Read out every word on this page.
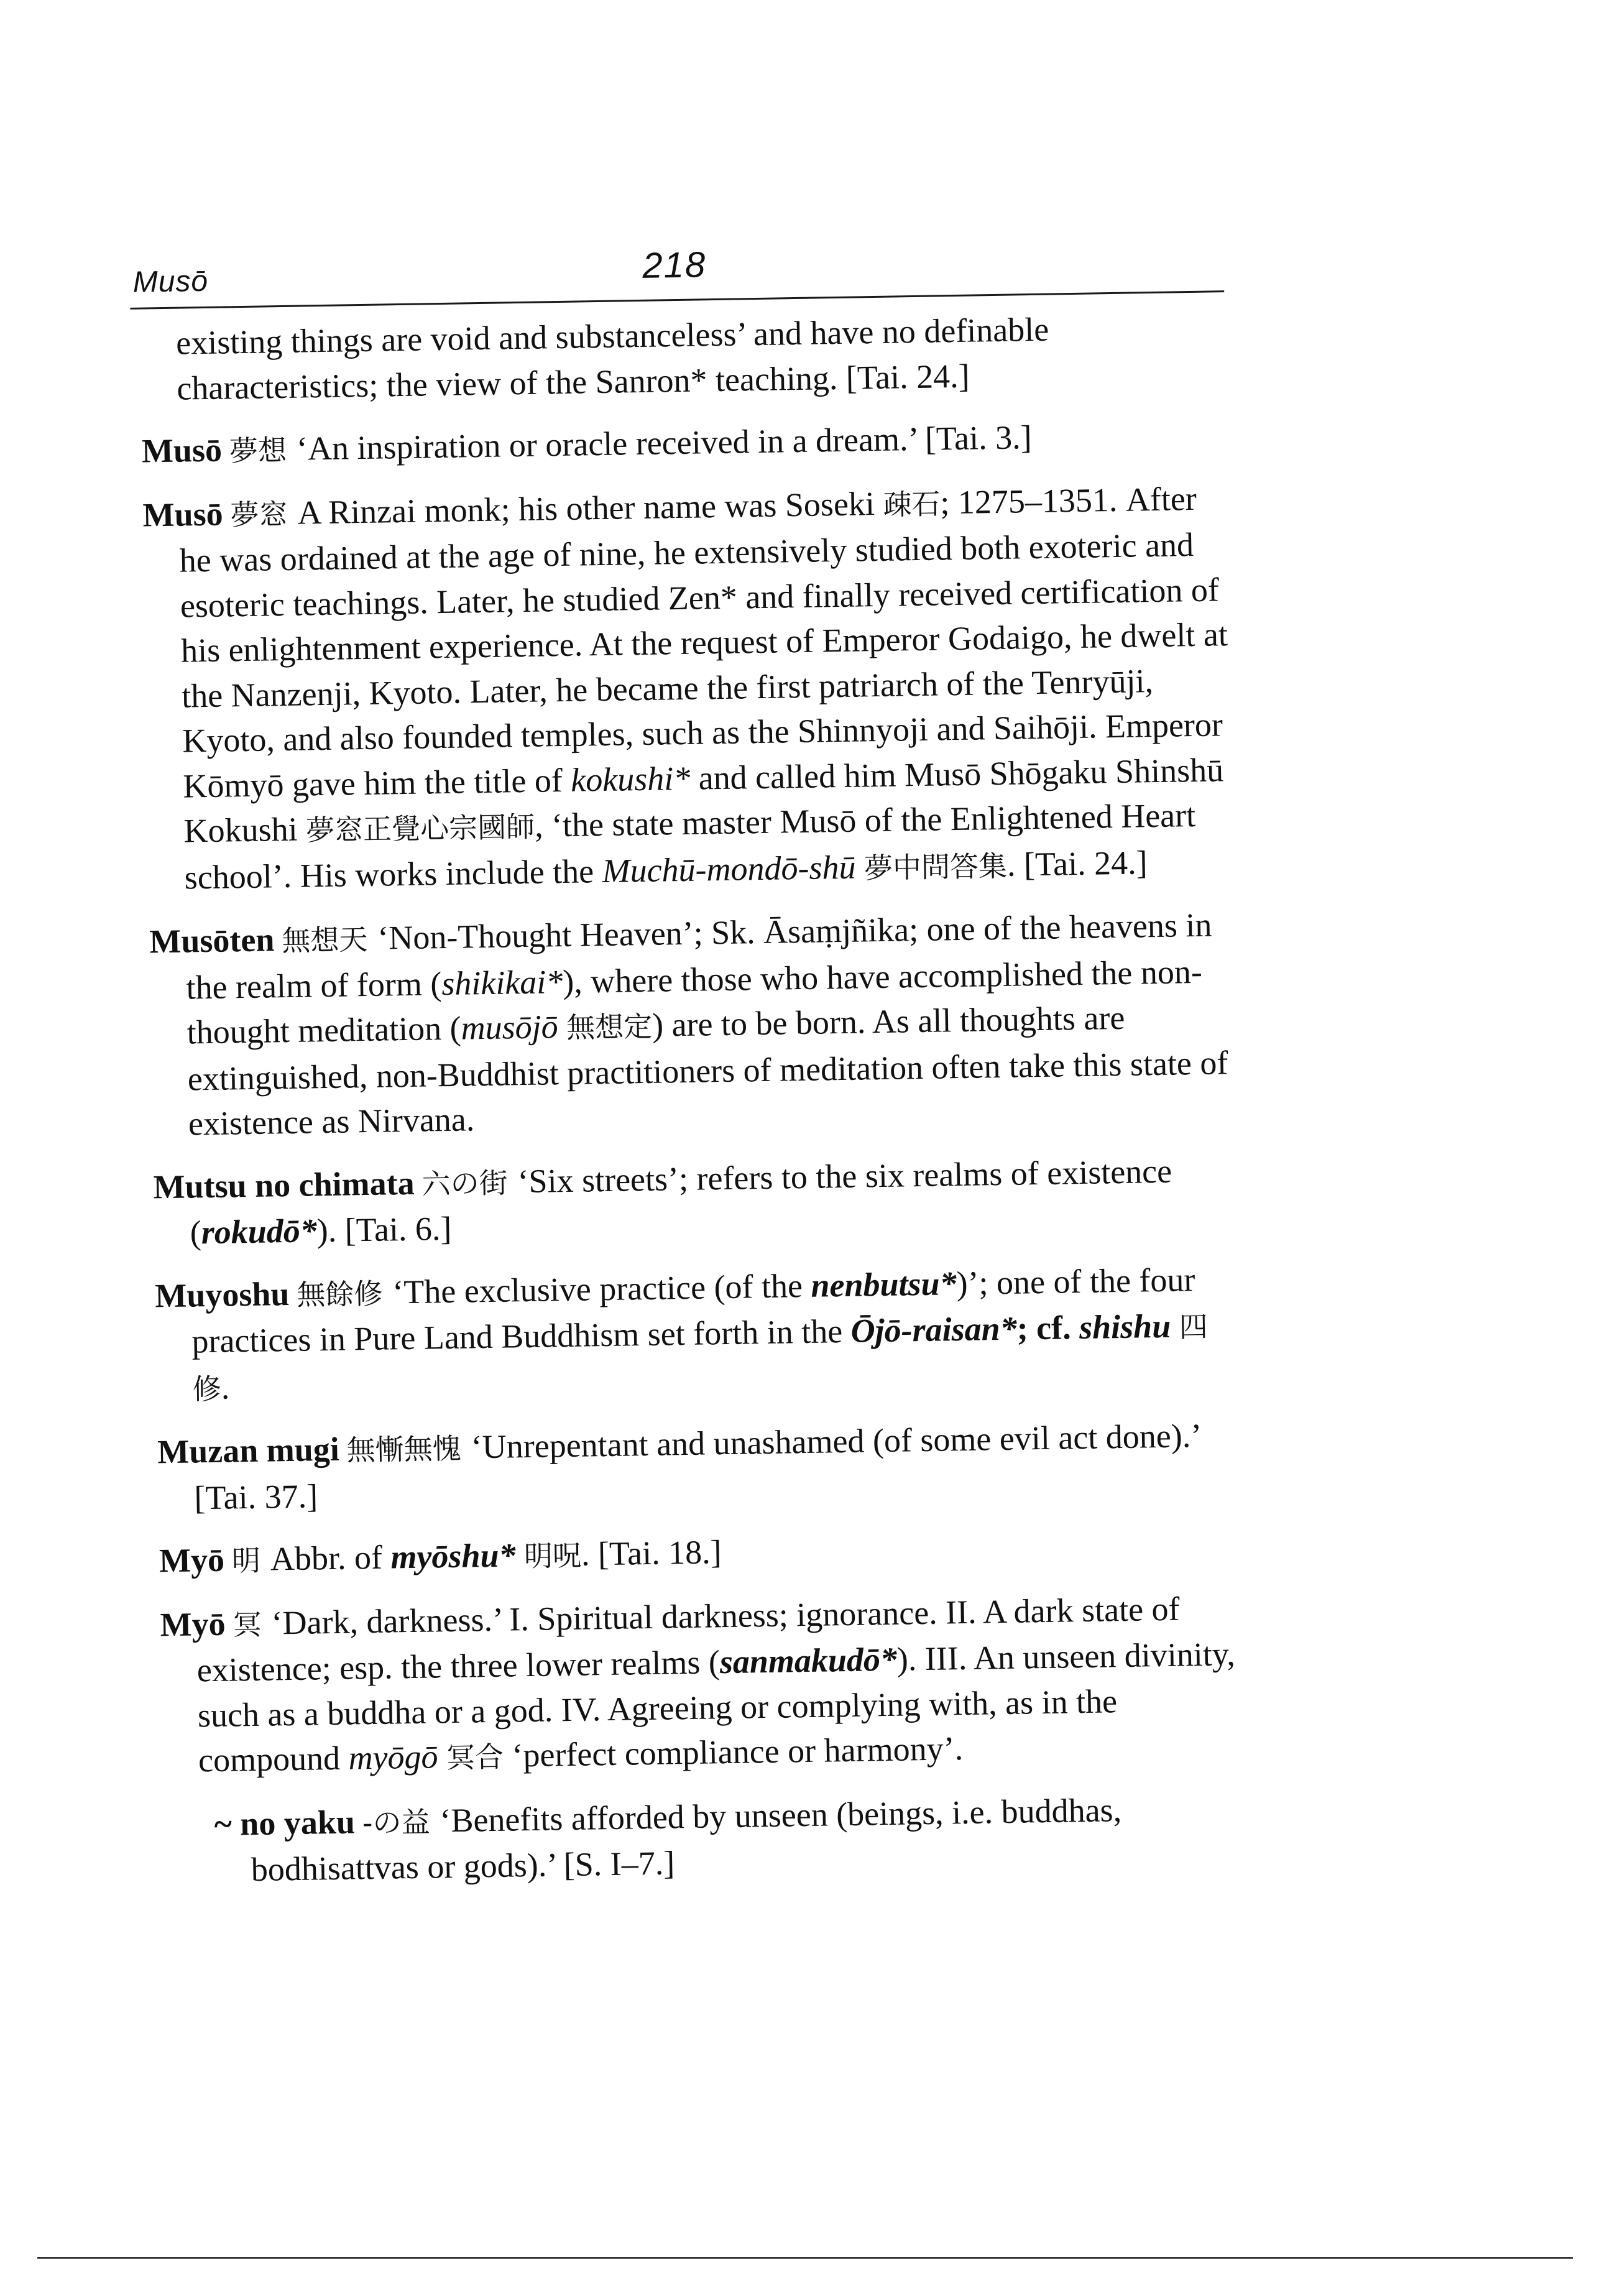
Musō	218

existing things are void and substanceless’ and have no definable characteristics; the view of the Sanron* teaching. [Tai. 24.]

Musō 夢想 ‘An inspiration or oracle received in a dream.’ [Tai. 3.]

Musō 夢窓 A Rinzai monk; his other name was Soseki 疎石; 1275–1351. After he was ordained at the age of nine, he extensively studied both exoteric and esoteric teachings. Later, he studied Zen* and finally received certification of his enlightenment experience. At the request of Emperor Godaigo, he dwelt at the Nanzenji, Kyoto. Later, he became the first patriarch of the Tenryūji, Kyoto, and also founded temples, such as the Shinnyoji and Saihōji. Emperor Kōmyō gave him the title of kokushi* and called him Musō Shōgaku Shinshū Kokushi 夢窓正覺心宗國師, ‘the state master Musō of the Enlightened Heart school’. His works include the Muchū-mondō-shū 夢中問答集. [Tai. 24.]

Musōten 無想天 ‘Non-Thought Heaven’; Sk. Āsaṃjñika; one of the heavens in the realm of form (shikikai*), where those who have accomplished the non-thought meditation (musōjō 無想定) are to be born. As all thoughts are extinguished, non-Buddhist practitioners of meditation often take this state of existence as Nirvana.

Mutsu no chimata 六の街 ‘Six streets’; refers to the six realms of existence (rokudō*). [Tai. 6.]

Muyoshu 無餘修 ‘The exclusive practice (of the nenbutsu*)’; one of the four practices in Pure Land Buddhism set forth in the Ōjō-raisan*; cf. shishu 四修.

Muzan mugi 無慚無愧 ‘Unrepentant and unashamed (of some evil act done).’ [Tai. 37.]

Myō 明 Abbr. of myōshu* 明呪. [Tai. 18.]

Myō 冥 ‘Dark, darkness.’ I. Spiritual darkness; ignorance. II. A dark state of existence; esp. the three lower realms (sanmakudō*). III. An unseen divinity, such as a buddha or a god. IV. Agreeing or complying with, as in the compound myōgō 冥合 ‘perfect compliance or harmony’.

~ no yaku -の益 ‘Benefits afforded by unseen (beings, i.e. buddhas, bodhisattvas or gods).’ [S. I–7.]
